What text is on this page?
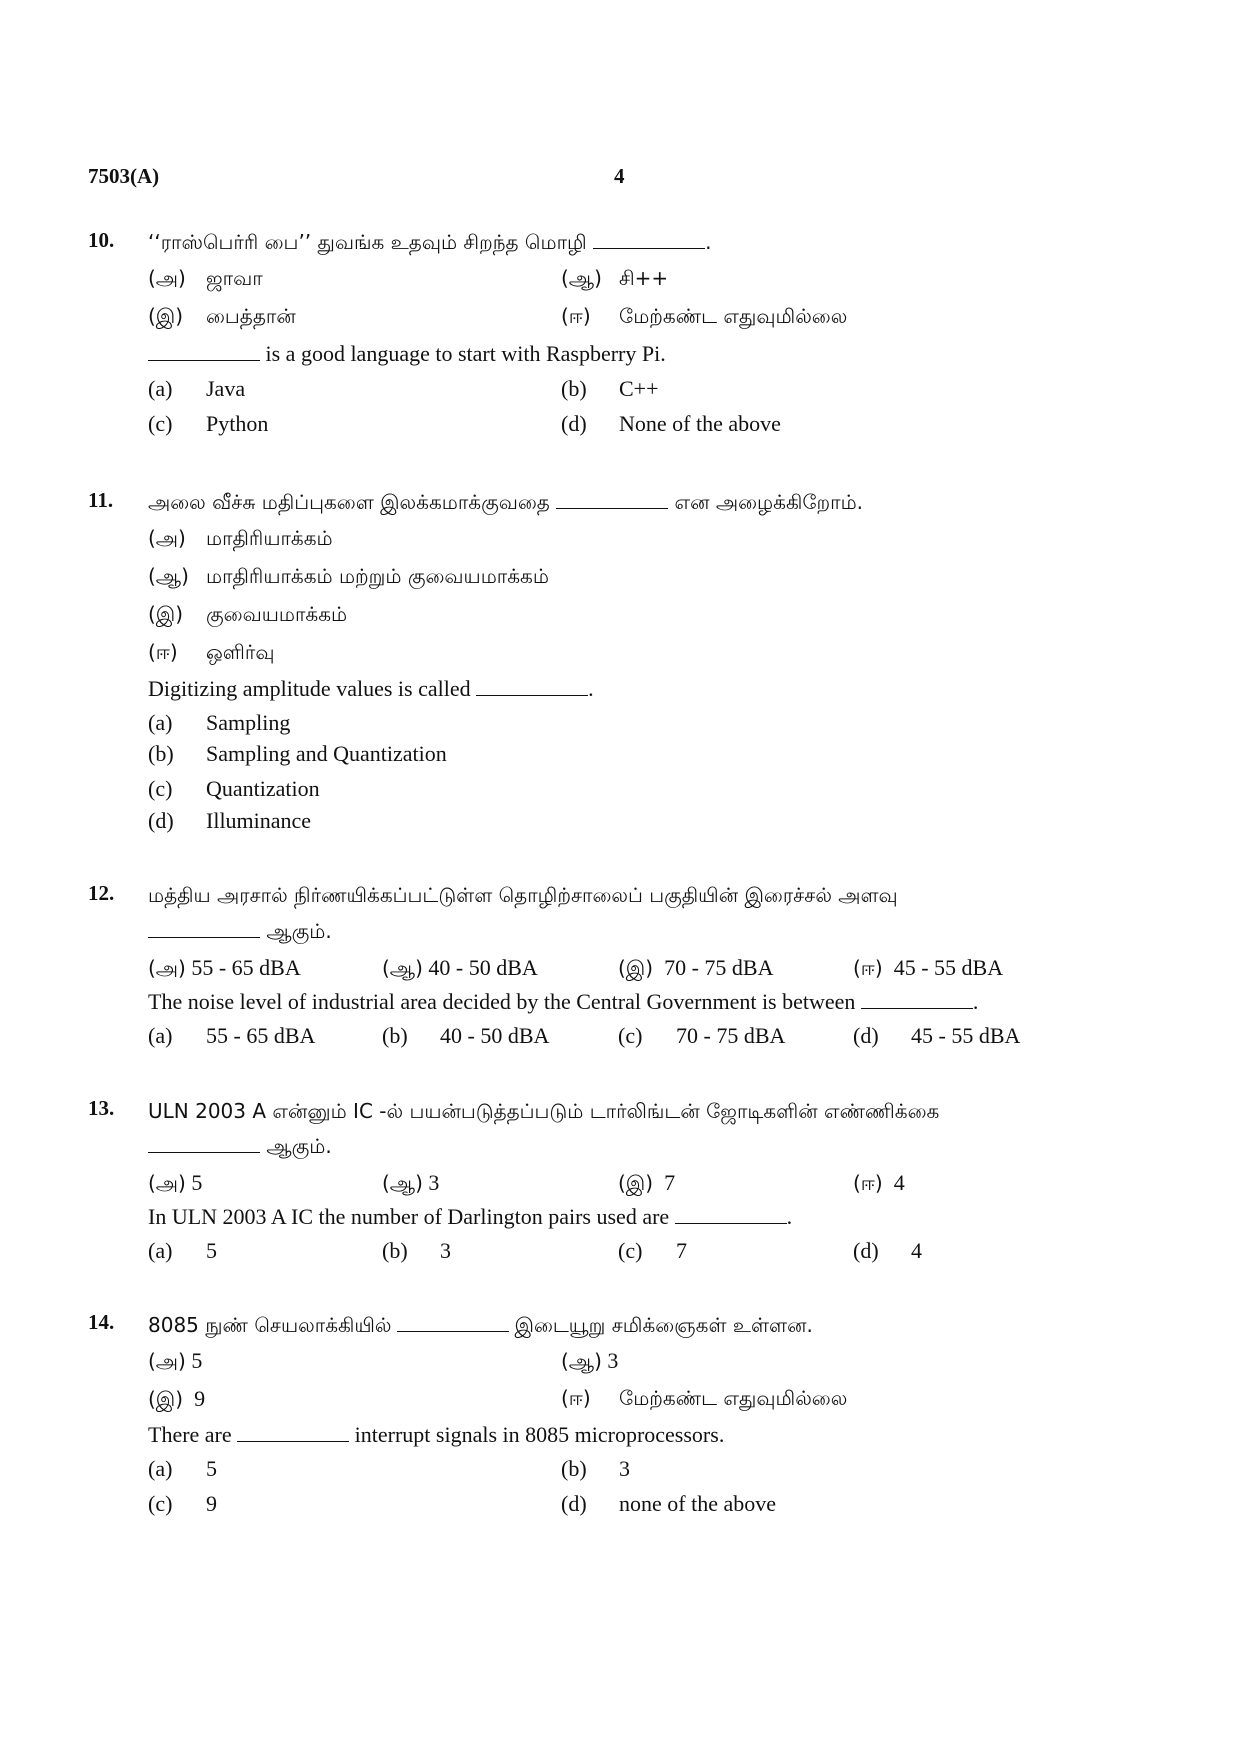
7503(A)	4
10. ‘‘ராஸ்பெர்ரி பை’’ துவங்க உதவும் சிறந்த மொழி	.
(அ) ஜாவா	(ஆ) சி++
(இ) பைத்தான்	(ஈ) மேற்கண்ட எதுவுமில்லை
is a good language to start with Raspberry Pi.
(a) Java	(b) C++
(c) Python	(d) None of the above
11. அலை வீச்சு மதிப்புகளை இலக்கமாக்குவதை	என அழைக்கிறோம்.
(அ) மாதிரியாக்கம்
(ஆ) மாதிரியாக்கம் மற்றும் குவையமாக்கம்
(இ) குவையமாக்கம்
(ஈ) ஒளிர்வு
Digitizing amplitude values is called	.
(a) Sampling
(b) Sampling and Quantization
(c) Quantization
(d) Illuminance
12. மத்திய அரசால் நிர்ணயிக்கப்பட்டுள்ள தொழிற்சாலைப் பகுதியின் இரைச்சல் அளவு
ஆகும்.
(அ) 55 - 65 dBA	(ஆ) 40 - 50 dBA	(இ) 70 - 75 dBA	(ஈ) 45 - 55 dBA
The noise level of industrial area decided by the Central Government is between	.
(a) 55 - 65 dBA	(b) 40 - 50 dBA	(c) 70 - 75 dBA	(d) 45 - 55 dBA
13. ULN 2003 A என்னும் IC -ல் பயன்படுத்தப்படும் டார்லிங்டன் ஜோடிகளின் எண்ணிக்கை
ஆகும்.
(அ) 5	(ஆ) 3	(இ) 7	(ஈ) 4
In ULN 2003 A IC the number of Darlington pairs used are	.
(a) 5	(b) 3	(c) 7	(d) 4
14. 8085 நுண் செயலாக்கியில்	இடையூறு சமிக்ஞைகள் உள்ளன.
(அ) 5	(ஆ) 3
(இ) 9	(ஈ) மேற்கண்ட எதுவுமில்லை
There are	interrupt signals in 8085 microprocessors.
(a) 5	(b) 3
(c) 9	(d) none of the above
